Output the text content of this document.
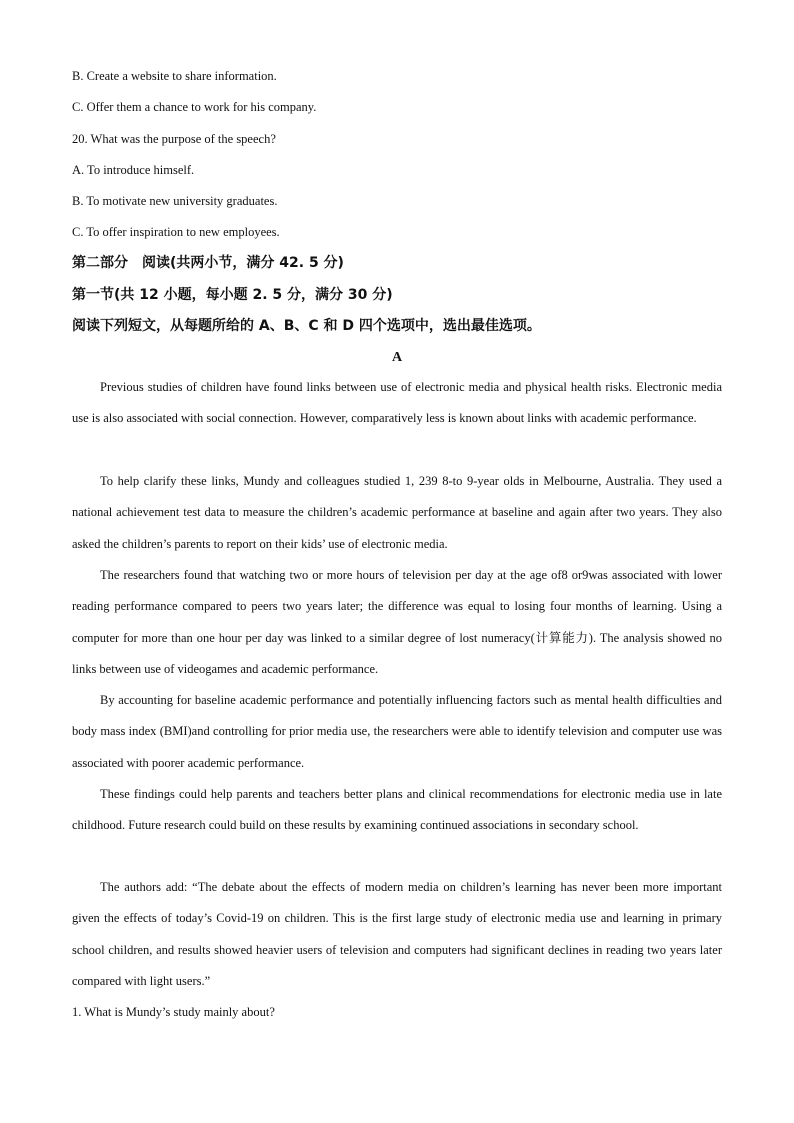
B. Create a website to share information.
C. Offer them a chance to work for his company.
20. What was the purpose of the speech?
A. To introduce himself.
B. To motivate new university graduates.
C. To offer inspiration to new employees.
第二部分　阅读(共两小节，满分 42. 5 分)
第一节(共 12 小题，每小题 2. 5 分，满分 30 分)
阅读下列短文，从每题所给的 A、B、C 和 D 四个选项中，选出最佳选项。
A
Previous studies of children have found links between use of electronic media and physical health risks. Electronic media use is also associated with social connection. However, comparatively less is known about links with academic performance.
To help clarify these links, Mundy and colleagues studied 1, 239 8-to 9-year olds in Melbourne, Australia. They used a national achievement test data to measure the children’s academic performance at baseline and again after two years. They also asked the children’s parents to report on their kids’ use of electronic media.
The researchers found that watching two or more hours of television per day at the age of8 or9was associated with lower reading performance compared to peers two years later; the difference was equal to losing four months of learning. Using a computer for more than one hour per day was linked to a similar degree of lost numeracy(计算能力). The analysis showed no links between use of videogames and academic performance.
By accounting for baseline academic performance and potentially influencing factors such as mental health difficulties and body mass index (BMI)and controlling for prior media use, the researchers were able to identify television and computer use was associated with poorer academic performance.
These findings could help parents and teachers better plans and clinical recommendations for electronic media use in late childhood. Future research could build on these results by examining continued associations in secondary school.
The authors add: “The debate about the effects of modern media on children’s learning has never been more important given the effects of today’s Covid-19 on children. This is the first large study of electronic media use and learning in primary school children, and results showed heavier users of television and computers had significant declines in reading two years later compared with light users.”
1. What is Mundy’s study mainly about?
